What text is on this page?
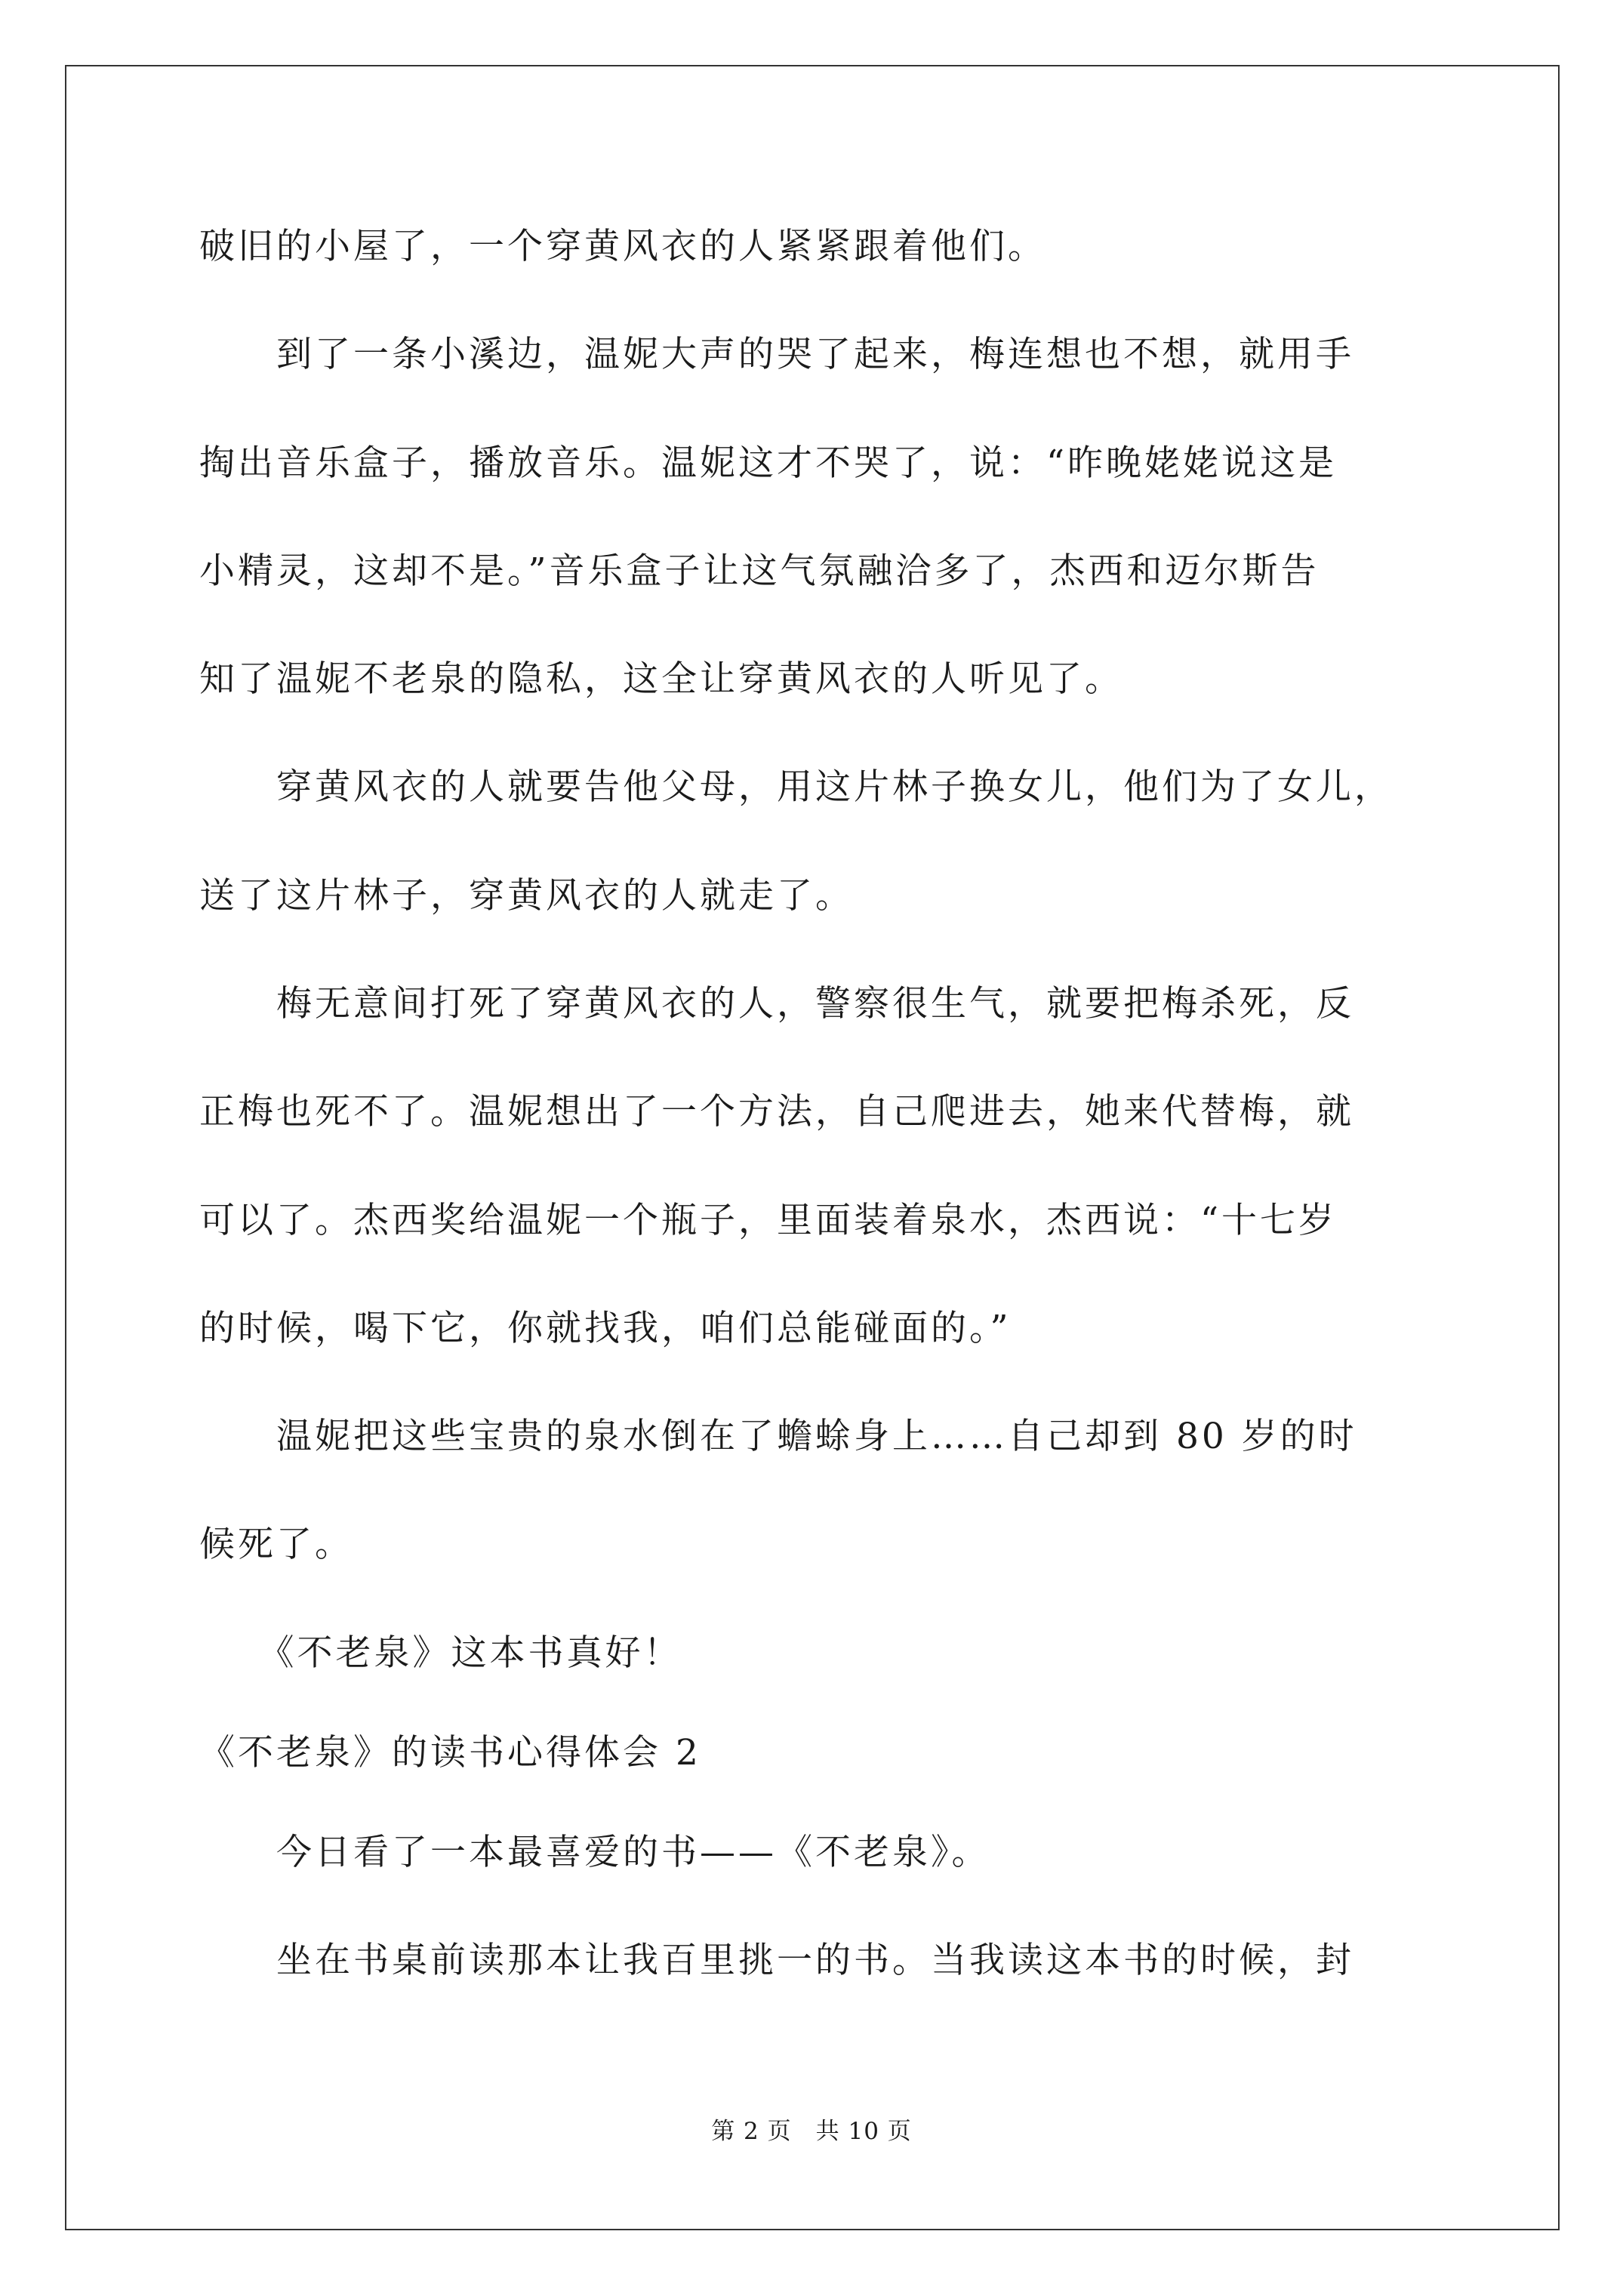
破旧的小屋了，一个穿黄风衣的人紧紧跟着他们。
　　到了一条小溪边，温妮大声的哭了起来，梅连想也不想，就用手
掏出音乐盒子，播放音乐。温妮这才不哭了，说：“昨晚姥姥说这是
小精灵，这却不是。”音乐盒子让这气氛融洽多了，杰西和迈尔斯告
知了温妮不老泉的隐私，这全让穿黄风衣的人听见了。
　　穿黄风衣的人就要告他父母，用这片林子换女儿，他们为了女儿，
送了这片林子，穿黄风衣的人就走了。
　　梅无意间打死了穿黄风衣的人，警察很生气，就要把梅杀死，反
正梅也死不了。温妮想出了一个方法，自己爬进去，她来代替梅，就
可以了。杰西奖给温妮一个瓶子，里面装着泉水，杰西说：“十七岁
的时候，喝下它，你就找我，咱们总能碰面的。”
　　温妮把这些宝贵的泉水倒在了蟾蜍身上……自己却到 80 岁的时
候死了。
　　《不老泉》这本书真好！
《不老泉》的读书心得体会 2
　　今日看了一本最喜爱的书——《不老泉》。
　　坐在书桌前读那本让我百里挑一的书。当我读这本书的时候，封
第 2 页　共 10 页
